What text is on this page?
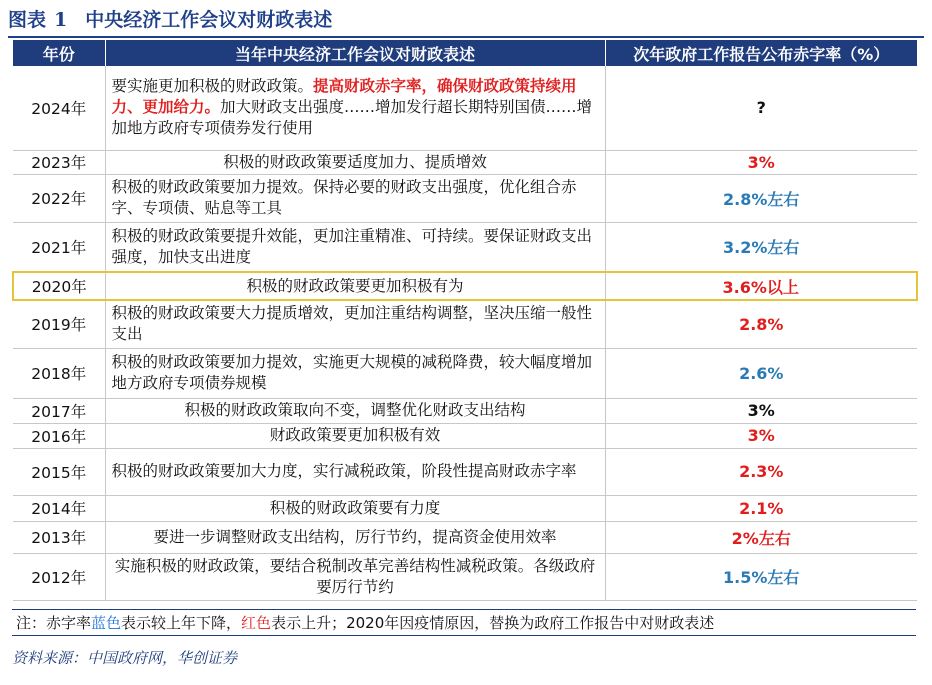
图表 1 中央经济工作会议对财政表述
年份	当年中央经济工作会议对财政表述	次年政府工作报告公布赤字率（%）
2024年	要实施更加积极的财政政策。提高财政赤字率，确保财政政策持续用力、更加给力。加大财政支出强度……增加发行超长期特别国债……增加地方政府专项债券发行使用	?
2023年	积极的财政政策要适度加力、提质增效	3%
2022年	积极的财政政策要加力提效。保持必要的财政支出强度，优化组合赤字、专项债、贴息等工具	2.8%左右
2021年	积极的财政政策要提升效能，更加注重精准、可持续。要保证财政支出强度，加快支出进度	3.2%左右
2020年	积极的财政政策要更加积极有为	3.6%以上
2019年	积极的财政政策要大力提质增效，更加注重结构调整，坚决压缩一般性支出	2.8%
2018年	积极的财政政策要加力提效，实施更大规模的减税降费，较大幅度增加地方政府专项债券规模	2.6%
2017年	积极的财政政策取向不变，调整优化财政支出结构	3%
2016年	财政政策要更加积极有效	3%
2015年	积极的财政政策要加大力度，实行减税政策，阶段性提高财政赤字率	2.3%
2014年	积极的财政政策要有力度	2.1%
2013年	要进一步调整财政支出结构，厉行节约，提高资金使用效率	2%左右
2012年	实施积极的财政政策，要结合税制改革完善结构性减税政策。各级政府要厉行节约	1.5%左右
注：赤字率蓝色表示较上年下降，红色表示上升；2020年因疫情原因，替换为政府工作报告中对财政表述
资料来源：中国政府网，华创证券
